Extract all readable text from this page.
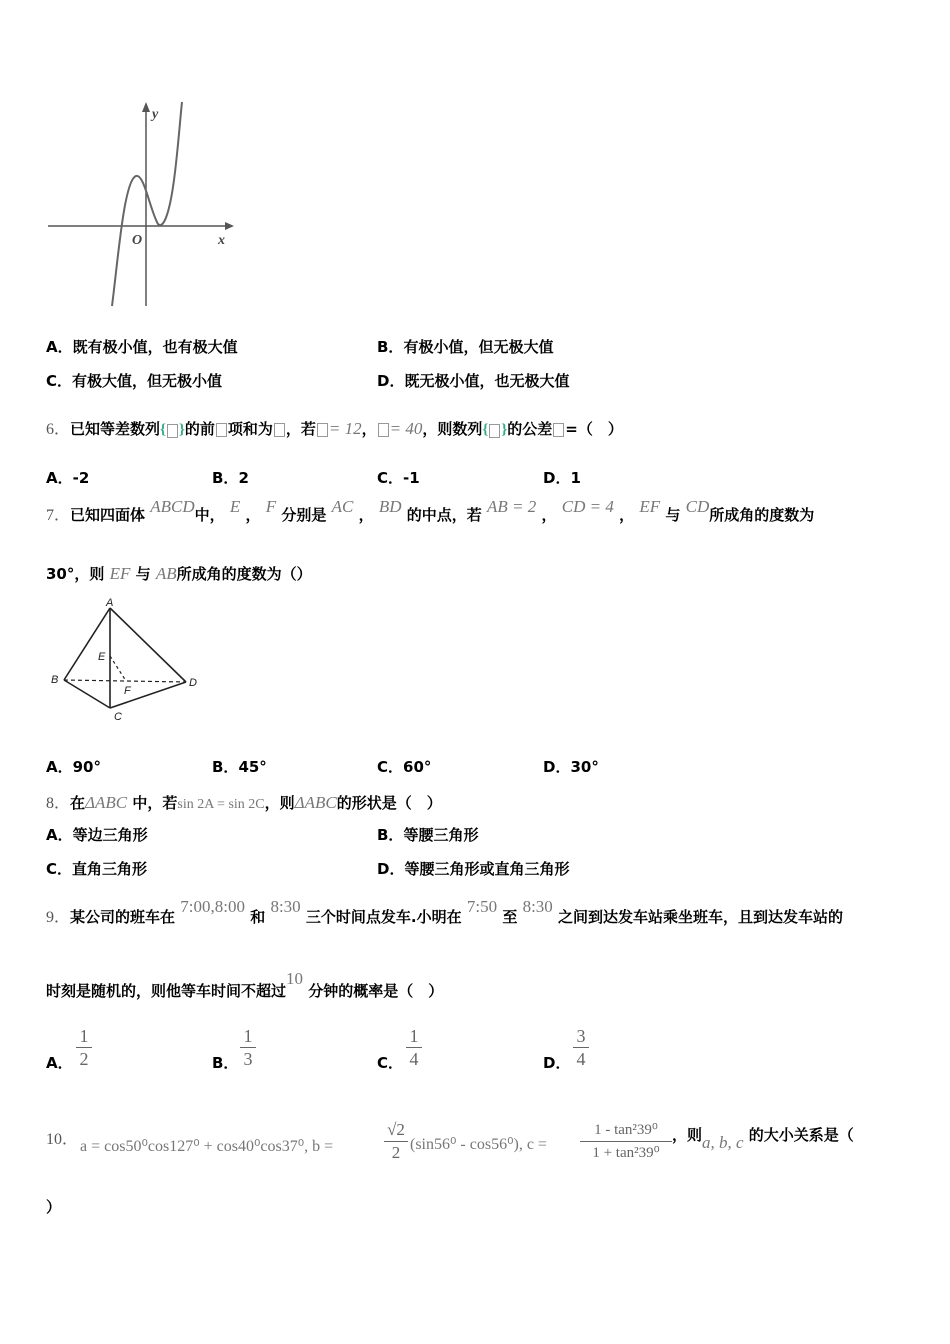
y
O	x
A．既有极小值，也有极大值	B．有极小值，但无极大值
C．有极大值，但无极小值	D．既无极小值，也无极大值
6．已知等差数列{ }的前 项和为 ，若 = 12， = 40，则数列{ }的公差 =（　）
A．-2	B．2	C．-1	D．1
7．已知四面体 ABCD中， E ， F 分别是 AC ， BD 的中点，若 AB = 2 ， CD = 4 ， EF 与 CD所成角的度数为
30°，则 EF 与 AB所成角的度数为（）
A
B
C
D
E
F
A．90°	B．45°	C．60°	D．30°
8．在ΔABC 中，若sin 2A = sin 2C，则ΔABC的形状是（　）
A．等边三角形	B．等腰三角形
C．直角三角形	D．等腰三角形或直角三角形
9．某公司的班车在 7:00,8:00 和 8:30 三个时间点发车.小明在 7:50 至 8:30 之间到达发车站乘坐班车，且到达发车站的
时刻是随机的，则他等车时间不超过10 分钟的概率是（　）
A．
1
2	B．
1
3	C．
1
4	D．
3
4
10． a = cos50⁰cos127⁰ + cos40⁰cos37⁰, b =
√2
2 (sin56⁰ - cos56⁰), c =
1 - tan²39⁰
1 + tan²39⁰
，则a, b, c 的大小关系是（
）
